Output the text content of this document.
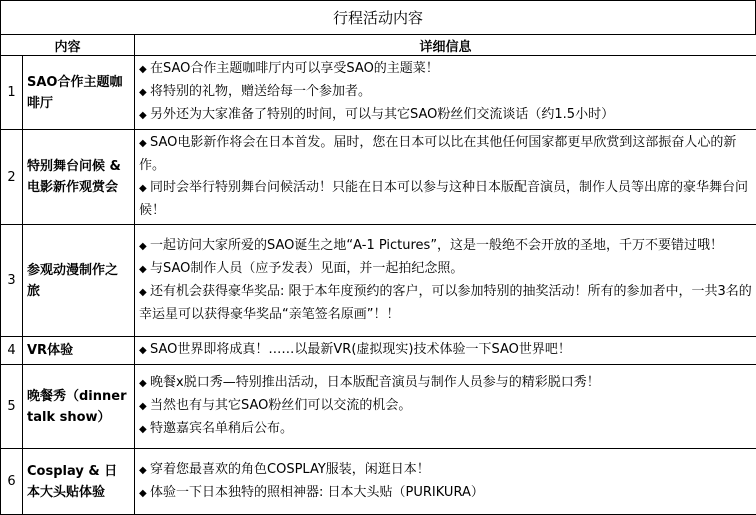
行程活动内容
内容		详细信息
1	SAO合作主题咖啡厅	◆ 在SAO合作主题咖啡厅内可以享受SAO的主题菜！
◆ 将特别的礼物，赠送给每一个参加者。
◆ 另外还为大家准备了特别的时间，可以与其它SAO粉丝们交流谈话（约1.5小时）

2	特别舞台问候 & 电影新作观赏会	◆ SAO电影新作将会在日本首发。届时，您在日本可以比在其他任何国家都更早欣赏到这部振奋人心的新作。
◆ 同时会举行特别舞台问候活动！只能在日本可以参与这种日本版配音演员，制作人员等出席的豪华舞台问候！

3	参观动漫制作之旅	◆ 一起访问大家所爱的SAO诞生之地“A-1 Pictures”，这是一般绝不会开放的圣地，千万不要错过哦！
◆ 与SAO制作人员（应予发表）见面，并一起拍纪念照。
◆ 还有机会获得豪华奖品: 限于本年度预约的客户，可以参加特别的抽奖活动！所有的参加者中，一共3名的幸运星可以获得豪华奖品“亲笔签名原画”！！

4	VR体验	◆ SAO世界即将成真！……以最新VR(虚拟现实)技术体验一下SAO世界吧！

5	晚餐秀（dinner talk show）	◆ 晚餐x脱口秀—特别推出活动，日本版配音演员与制作人员参与的精彩脱口秀！
◆ 当然也有与其它SAO粉丝们可以交流的机会。
◆ 特邀嘉宾名单稍后公布。

6	Cosplay & 日本大头贴体验	◆ 穿着您最喜欢的角色COSPLAY服装，闲逛日本！
◆ 体验一下日本独特的照相神器: 日本大头贴（PURIKURA）
